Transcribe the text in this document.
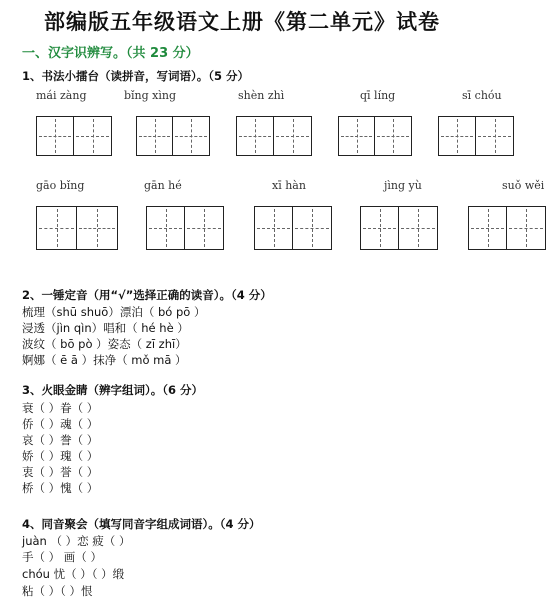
部编版五年级语文上册《第二单元》试卷
一、汉字识辨写。（共 23 分）
1、书法小擂台（读拼音，写词语）。（5 分）
mái zàng	bǐng xìng	shèn zhì	qī líng	sī chóu
gāo bǐng	gān hé	xī hàn	jìng yù	suǒ wěi
2、一锤定音（用“√”选择正确的读音）。（4 分）
梳理（shū shuō）漂泊（ bó pō ）
浸透（jìn qìn）唱和（ hé hè ）
波纹（ bō pò ）姿态（ zī zhī）
婀娜（ ē ā ）抹净（ mǒ mā ）
3、火眼金睛（辨字组词）。（6 分）
衰（ ）眷（ ）
侨（ ）魂（ ）
哀（ ）誊（ ）
娇（ ）瑰（ ）
衷（ ）誉（ ）
桥（ ）愧（ ）
4、同音聚会（填写同音字组成词语）。（4 分）
juàn （ ）恋 疲（ ）
手（ ） 画（ ）
chóu 忧（ ）（ ）缎
粘（ ）（ ）恨
